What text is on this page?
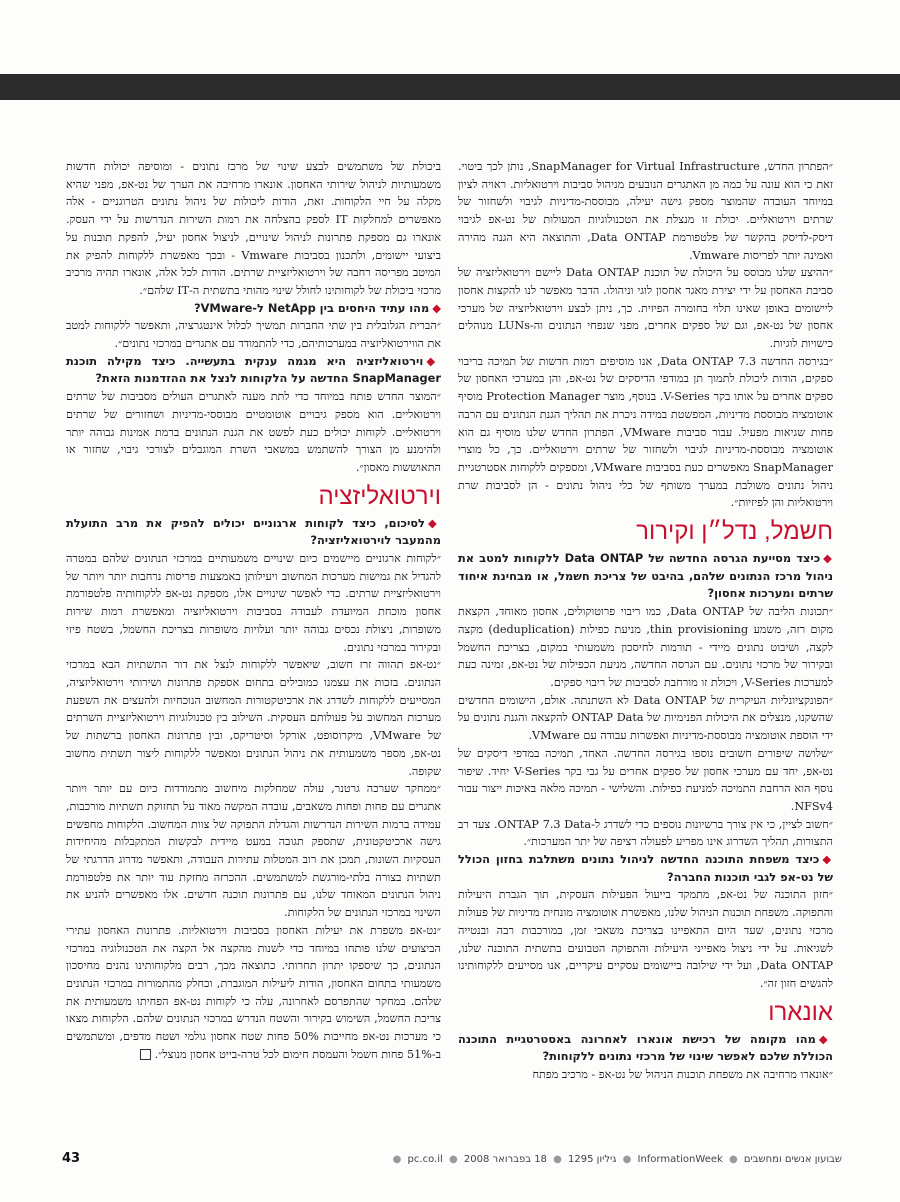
״הפתרון החדש, SnapManager for Virtual Infrastructure, נותן לכך ביטוי. זאת כי הוא עונה על כמה מן האתגרים הנובעים מניהול סביבות וירטואליות. ראויה לציון במיוחד העובדה שהמוצר מספק גישה יעילה, מבוססת-מדיניות לגיבוי ולשחזור של שרתים וירטואליים. יכולת זו מנצלת את הטכנולוגיות המעולות של נט-אפ לגיבוי דיסק-לדיסק בהקשר של פלטפורמת Data ONTAP, והתוצאה היא הגנה מהירה ואמינה יותר לפריסות Vmware.

״ההיצע שלנו מבוסס על היכולת של תוכנת Data ONTAP ליישם וירטואליזציה של סביבת האחסון על ידי יצירת מאגר אחסון לוגי וניהולו. הדבר מאפשר לנו להקצות אחסון ליישומים באופן שאינו תלוי בחומרה הפיזית. כך, ניתן לבצע וירטואליזציה של מערכי אחסון של נט-אפ, וגם של ספקים אחרים, מפני שנפחי הנתונים וה-LUNs מנוהלים כישויות לוגיות.

״בגירסה החדשה Data ONTAP 7.3, אנו מוסיפים רמות חדשות של תמיכה בריבוי ספקים, הודות ליכולת לתמוך תן במודפי הדיסקים של נט-אפ, והן במערכי האחסון של ספקים אחרים על אותו בקר V-Series. בנוסף, מוצר Protection Manager מוסיף אוטומציה מבוססת מדיניות, המפשטת במידה ניכרת את תהליך הגנת הנתונים עם הרבה פחות שגיאות מפעיל. עבור סביבות VMware, הפתרון החדש שלנו מוסיף גם הוא אוטומציה מבוססת-מדיניות לגיבוי ולשחזור של שרתים וירטואליים. כך, כל מוצרי SnapManager מאפשרים כעת בסביבות VMware, ומספקים ללקוחות אסטרטגיית ניהול נתונים משולבת במערך משותף של כלי ניהול נתונים - הן לסביבות שרת וירטואליות והן לפיזיות״.

חשמל, נדל״ן וקירור
◆כיצד מסייעת הגרסה החדשה של Data ONTAP ללקוחות למטב את ניהול מרכז הנתונים שלהם, בהיבט של צריכת חשמל, או מבחינת איחוד שרתים ומערכות אחסון?

״תכונות הליבה של Data ONTAP, כמו ריבוי פרוטוקולים, אחסון מאוחד, הקצאת מקום רזה, משמע thin provisioning, מניעת כפילות (deduplication) מקצה לקצה, ושיבוט נתונים מיידי - תורמות לחיסכון משמעותי במקום, בצריכת החשמל ובקירור של מרכזי נתונים. עם הגרסה החדשה, מניעת הכפילות של נט-אפ, זמינה כעת למערכות V-Series, ויכולת זו מורחבת לסביבות של ריבוי ספקים.

״הפונקציונליות העיקרית של Data ONTAP לא השתנתה. אולם, הישומים החדשים שהשקנו, מנצלים את היכולות הפנימיות של ONTAP Data להקצאה והגנת נתונים על ידי הוספת אוטומציה מבוססת-מדיניות ואפשרות עבודה עם VMware.

״שלושה שיפורים חשובים נוספו בגירסה החדשה. האחד, תמיכה במדפי דיסקים של נט-אפ, יחד עם מערכי אחסון של ספקים אחרים על גבי בקר V-Series יחיד. שיפור נוסף הוא הרחבת התמיכה למניעת כפילות. והשלישי - תמיכה מלאה באיכות ייצור עבור NFSv4.

״חשוב לציין, כי אין צורך ברשיונות נוספים כדי לשדרג ל-ONTAP 7.3 Data. צעד רב התצורות, תהליך השדרוג אינו מפריע לפעולה רציפה של יתר המערכות״.

◆כיצד משפחת התוכנה החדשה לניהול נתונים משתלבת בחזון הכולל של נט-אפ לגבי תוכנות החברה?

״חזון התוכנה של נט-אפ, מתמקד בייעול הפעילות העסקית, תוך הגברת היעילות והתפוקה. משפחת תוכנות הניהול שלנו, מאפשרת אוטומציה מונחית מדיניות של פעולות מרכזי נתונים, שעד היום התאפיינו בצריכת משאבי זמן, במורכבות רבה ובנטייה לשגיאות. על ידי ניצול מאפייני היעילות והתפוקה הטבועים בתשתית התוכנה שלנו, Data ONTAP, ועל ידי שילובה ביישומים עסקיים עיקריים, אנו מסייעים ללקוחותינו להגשים חזון זה״.

אונארו
◆מהו מקומה של רכישת אונארו לאחרונה באסטרטגיית התוכנה הכוללת שלכם לאפשר שינוי של מרכזי נתונים ללקוחות?

״אונארו מרחיבה את משפחת תוכנות הניהול של נט-אפ - מרכיב מפתח

ביכולת של משתמשים לבצע שינוי של מרכז נתונים - ומוסיפה יכולות חדשות משמעותיות לניהול שירותי האחסון. אונארו מרחיבה את הערך של נט-אפ, מפני שהיא מקלה על חיי הלקוחות. זאת, הודות ליכולות של ניהול נתונים הטרוגניים - אלה מאפשרים למחלקות IT לספק בהצלחה את רמות השירות הנדרשות על ידי העסק. אונארו גם מספקת פתרונות לניהול שינויים, לניצול אחסון יעיל, להפקת תובנות על ביצועי יישומים, ולתכנון בסביבות Vmware - ובכך מאפשרת ללקוחות להפיק את המיטב מפריסה רחבה של וירטואליזציית שרתים. הודות לכל אלה, אונארו תהיה מרכיב מרכזי ביכולת של לקוחותינו לחולל שינוי מהותי בתשתית ה-IT שלהם״.

◆מהו עתיד היחסים בין NetApp ל-VMware?

״הברית הגלובלית בין שתי החברות תמשיך לכלול אינטגרציה, ותאפשר ללקוחות למטב את הווירטואליזציה במערכותיהם, כדי להתמודד עם אתגרים במרכזי נתונים״.

◆וירטואליזציה היא מגמה ענקית בתעשייה. כיצד מקילה תוכנת SnapManager החדשה על הלקוחות לנצל את ההזדמנות הזאת?

״המוצר החדש פותח במיוחד כדי לתת מענה לאתגרים העולים מסביבות של שרתים וירטואליים. הוא מספק גיבויים אוטומטיים מבוססי-מדיניות ושחזורים של שרתים וירטואליים. לקוחות יכולים כעת לפשט את הגנת הנתונים ברמת אמינות גבוהה יותר ולהימנע מן הצורך להשתמש במשאבי השרת המוגבלים לצורכי גיבוי, שחזור או התאוששות מאסון״.

וירטואליזציה
◆לסיכום, כיצד לקוחות ארגוניים יכולים להפיק את מרב התועלת מהמעבר לוירטואליזציה?

״לקוחות ארגוניים מיישמים כיום שינויים משמעותיים במרכזי הנתונים שלהם במטרה להגדיל את גמישות מערכות המחשוב ויעילותן באמצעות פריסות נרחבות יותר ויותר של וירטואליזציית שרתים. כדי לאפשר שינויים אלו, מספקת נט-אפ ללקוחותיה פלטפורמת אחסון מוכחת המיועדת לעבודה בסביבות וירטואליזציה ומאפשרת רמות שירות משופרות, ניצולת נכסים גבוהה יותר ועלויות משופרות בצריכת החשמל, בשטח פיזי ובקירור במרכזי נתונים.

״נט-אפ תהווה זרז חשוב, שיאפשר ללקוחות לנצל את דור התשתיות הבא במרכזי הנתונים. בזכות את עצמנו כמובילים בתחום אספקת פתרונות ושירותי וירטואליזציה, המסייעים ללקוחות לשדרג את ארכיטקטורות המחשוב הנוכחיות ולהעצים את השפעת מערכות המחשוב על פעולותם העסקית. השילוב בין טכנולוגיות וירטואליזציית השרתים של VMware, מיקרוסופט, אורקל וסיטריקס, ובין פתרונות האחסון ברשתות של נט-אפ, מספר משמעותית את ניהול הנתונים ומאפשר ללקוחות ליצור תשתית מחשוב שקופה.

״ממחקר שערכה גרטנר, עולה שמחלקות מיחשוב מתמודדות כיום עם יותר ויותר אתגרים עם פחות ופחות משאבים, עובדה המקשה מאוד על תחזוקת תשתיות מורכבות, עמידה ברמות השירות הנדרשות והגדלת התפוקה של צוות המחשוב. הלקוחות מחפשים גישה ארכיטקטונית, שתספק תגובה במעט מיידית לבקשות המתקבלות מהיחידות העסקיות השונות, תמכן את רוב המטלות עתירות העבודה, ותאפשר מדרוג הדרגתי של תשתיות בצורה בלתי-מורגשת למשתמשים. ההכרזה מחזקת עוד יותר את פלטפורמת ניהול הנתונים המאוחד שלנו, עם פתרונות תוכנה חדשים. אלו מאפשרים להניע את השינוי במרכזי הנתונים של הלקוחות.

״נט-אפ משפרת את יעילות האחסון בסביבות וירטואליות. פתרונות האחסון עתירי הביצועים שלנו פותחו במיוחד כדי לשנות מהקצה אל הקצה את הטכנולוגיה במרכזי הנתונים, כך שיספקו יתרון תחרותי. כתוצאה מכך, רבים מלקוחותינו נהנים מחיסכון משמעותי בתחום האחסון, הודות ליעילות המוגברת, וכחלק מהתמורות במרכזי הנתונים שלהם. במחקר שהתפרסם לאחרונה, עלה כי לקוחות נט-אפ הפחיתו משמעותית את צריכת החשמל, השימוש בקירור והשטח הנדרש במרכזי הנתונים שלהם. הלקוחות מצאו כי מערכות נט-אפ מחייבות 50% פחות שטח אחסון גולמי ושטח מדפים, ומשתמשים ב-51% פחות חשמל והעמסת חימום לכל טרה-בייט אחסון מנוצל״.

שבועון אנשים ומחשבים ● InformationWeek ● גיליון 1295 ● 18 בפברואר 2008 ● pc.co.il ●
43
